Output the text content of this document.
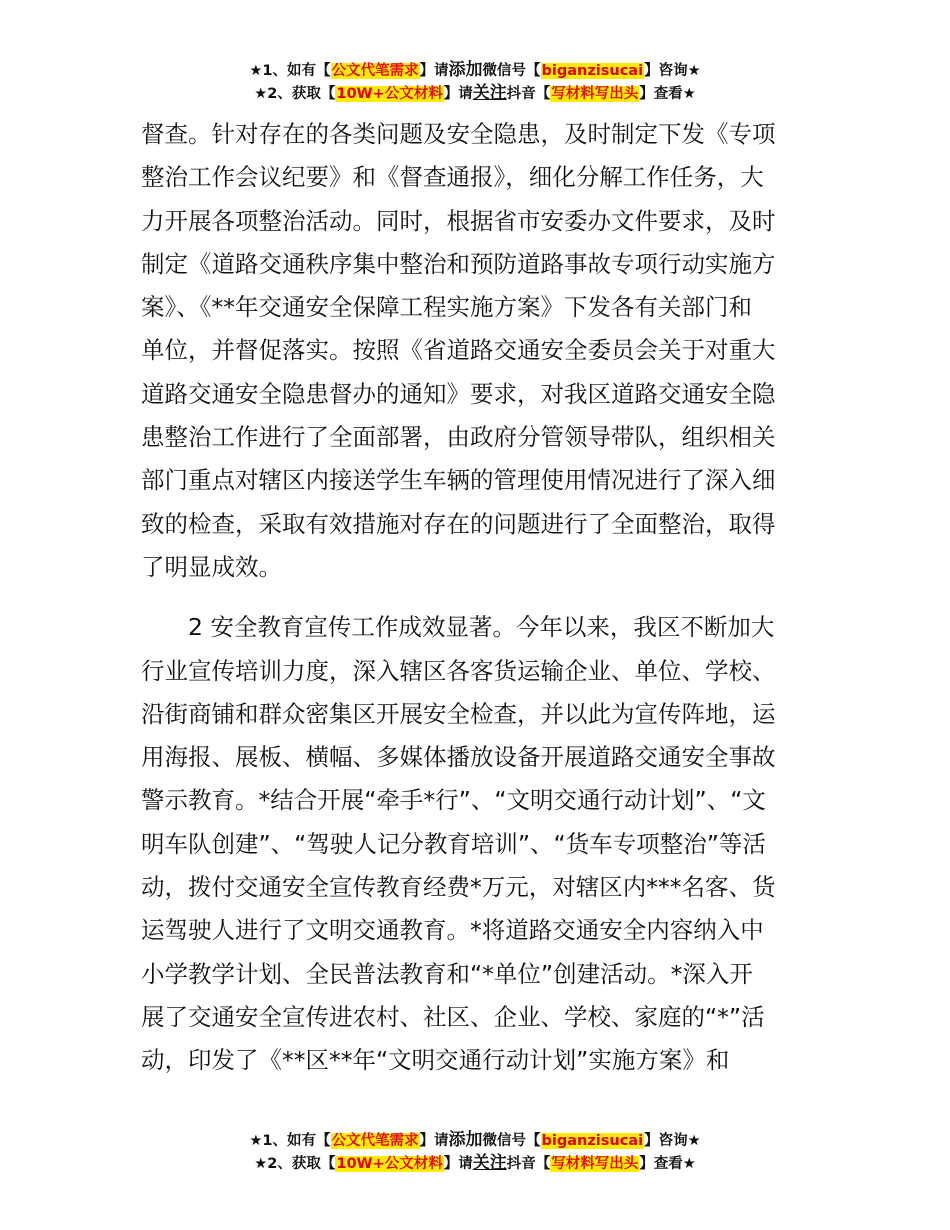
★1、如有【公文代笔需求】请添加微信号【biganzisucai】咨询★
★2、获取【10W+公文材料】请关注抖音【写材料写出头】查看★
督查。针对存在的各类问题及安全隐患，及时制定下发《专项
整治工作会议纪要》和《督查通报》，细化分解工作任务，大
力开展各项整治活动。同时，根据省市安委办文件要求，及时
制定《道路交通秩序集中整治和预防道路事故专项行动实施方
案》、《**年交通安全保障工程实施方案》下发各有关部门和
单位，并督促落实。按照《省道路交通安全委员会关于对重大
道路交通安全隐患督办的通知》要求，对我区道路交通安全隐
患整治工作进行了全面部署，由政府分管领导带队，组织相关
部门重点对辖区内接送学生车辆的管理使用情况进行了深入细
致的检查，采取有效措施对存在的问题进行了全面整治，取得
了明显成效。
　　2 安全教育宣传工作成效显著。今年以来，我区不断加大
行业宣传培训力度，深入辖区各客货运输企业、单位、学校、
沿街商铺和群众密集区开展安全检查，并以此为宣传阵地，运
用海报、展板、横幅、多媒体播放设备开展道路交通安全事故
警示教育。*结合开展“牵手*行”、“文明交通行动计划”、“文
明车队创建”、“驾驶人记分教育培训”、“货车专项整治”等活
动，拨付交通安全宣传教育经费*万元，对辖区内***名客、货
运驾驶人进行了文明交通教育。*将道路交通安全内容纳入中
小学教学计划、全民普法教育和“*单位”创建活动。*深入开
展了交通安全宣传进农村、社区、企业、学校、家庭的“*”活
动，印发了《**区**年“文明交通行动计划”实施方案》和
★1、如有【公文代笔需求】请添加微信号【biganzisucai】咨询★
★2、获取【10W+公文材料】请关注抖音【写材料写出头】查看★
